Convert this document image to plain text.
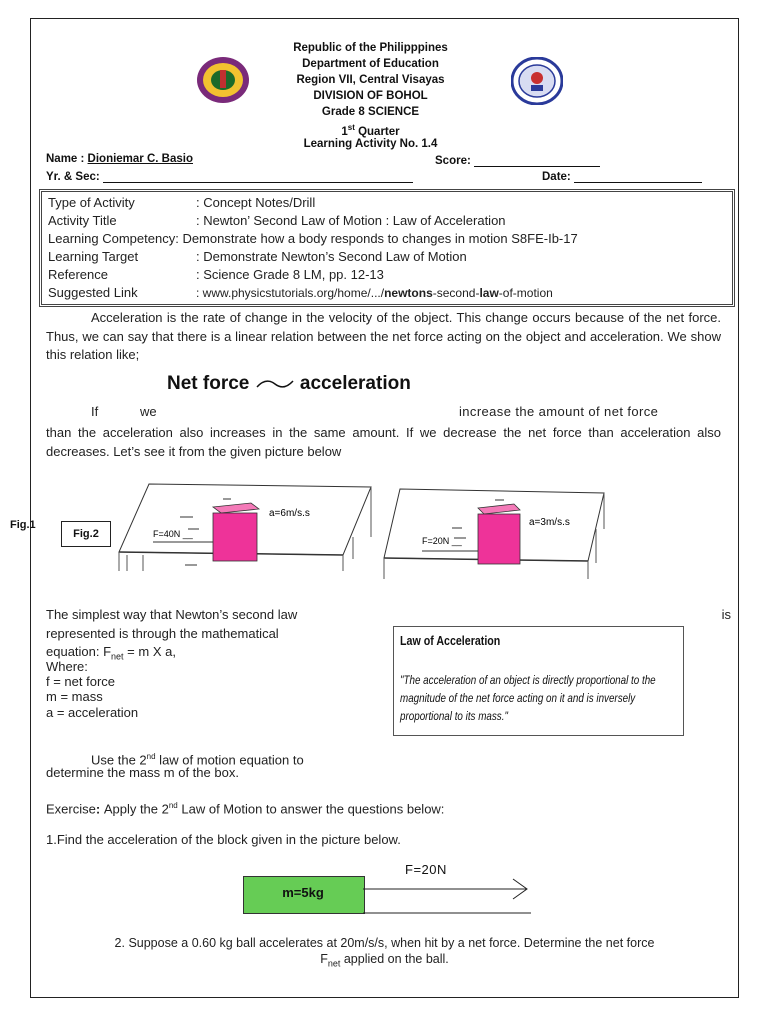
Republic of the Philipppines
Department of Education
Region VII, Central Visayas
DIVISION OF BOHOL
Grade 8 SCIENCE
1st Quarter
Learning Activity No. 1.4
Name : Dioniemar C. Basio	Score:
Yr. & Sec:	Date:
Type of Activity	: Concept Notes/Drill
Activity Title	: Newton’ Second Law of Motion : Law of Acceleration
Learning Competency: Demonstrate how a body responds to changes in motion S8FE-Ib-17
Learning Target	: Demonstrate Newton’s Second Law of Motion
Reference	: Science Grade 8 LM, pp. 12-13
Suggested Link	: www.physicstutorials.org/home/.../newtons-second-law-of-motion
Acceleration is the rate of change in the velocity of the object. This change occurs because of the net force. Thus, we can say that there is a linear relation between the net force acting on the object and acceleration. We show this relation like;
Net force	acceleration
If	we	increase the amount of net force
than the acceleration also increases in the same amount. If we decrease the net force than acceleration also decreases. Let’s see it from the given picture below
Fig.1
Fig.2	F=40N __
a=6m/s.s
F=20N __
a=3m/s.s
The simplest way that Newton’s second law	is
represented is through the mathematical
equation: $F_{net} = m$ X a,
Where:
f = net force
m = mass
a = acceleration
Law of Acceleration
"The acceleration of an object is directly proportional to the magnitude of the net force acting on it and is inversely proportional to its mass."
Use the 2nd law of motion equation to
determine the mass m of the box.
Exercise: Apply the 2nd Law of Motion to answer the questions below:
1.Find the acceleration of the block given in the picture below.
m=5kg
F=20N
2. Suppose a 0.60 kg ball accelerates at 20m/s/s, when hit by a net force. Determine the net force
$F_{net}$ applied on the ball.
